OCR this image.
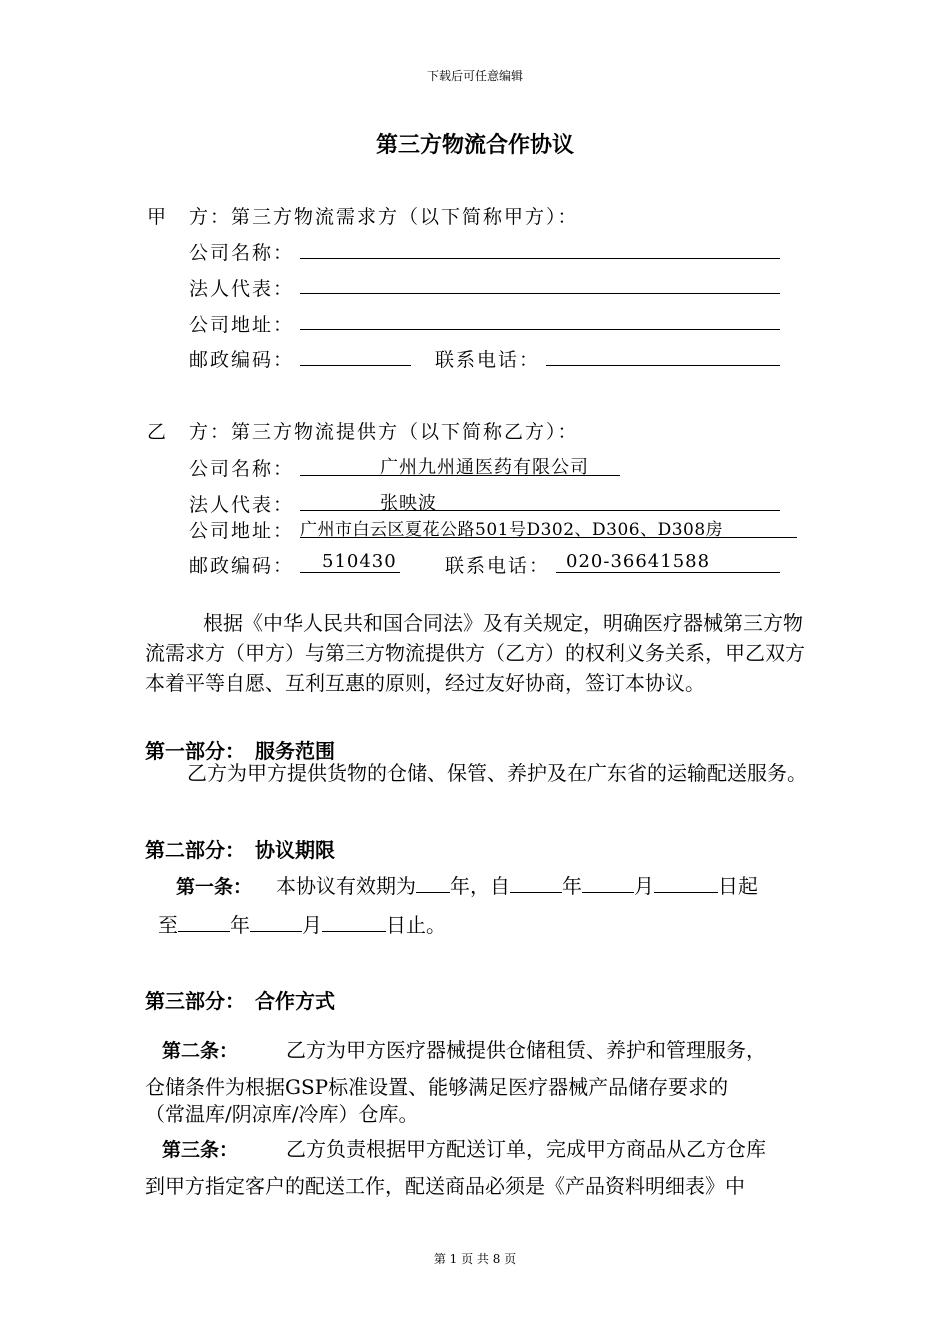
下载后可任意编辑
第三方物流合作协议
甲　方：第三方物流需求方（以下简称甲方）：
公司名称：
法人代表：
公司地址：
邮政编码：	联系电话：
乙　方：第三方物流提供方（以下简称乙方）：
公司名称：	广州九州通医药有限公司
法人代表：	张映波
公司地址： 广州市白云区夏花公路501号D302、D306、D308房
邮政编码： 510430	联系电话： 020-36641588
根据《中华人民共和国合同法》及有关规定，明确医疗器械第三方物流需求方（甲方）与第三方物流提供方（乙方）的权利义务关系，甲乙双方本着平等自愿、互利互惠的原则，经过友好协商，签订本协议。
第一部分：　服务范围
乙方为甲方提供货物的仓储、保管、养护及在广东省的运输配送服务。
第二部分：　协议期限
第一条： 本协议有效期为 年，自	年	月	日起
至	年	月	日止。
第三部分：　合作方式
第二条： 乙方为甲方医疗器械提供仓储租赁、养护和管理服务，
仓储条件为根据GSP标准设置、能够满足医疗器械产品储存要求的
（常温库/阴凉库/冷库）仓库。
第三条： 乙方负责根据甲方配送订单，完成甲方商品从乙方仓库
到甲方指定客户的配送工作，配送商品必须是《产品资料明细表》中
第 1 页 共 8 页
